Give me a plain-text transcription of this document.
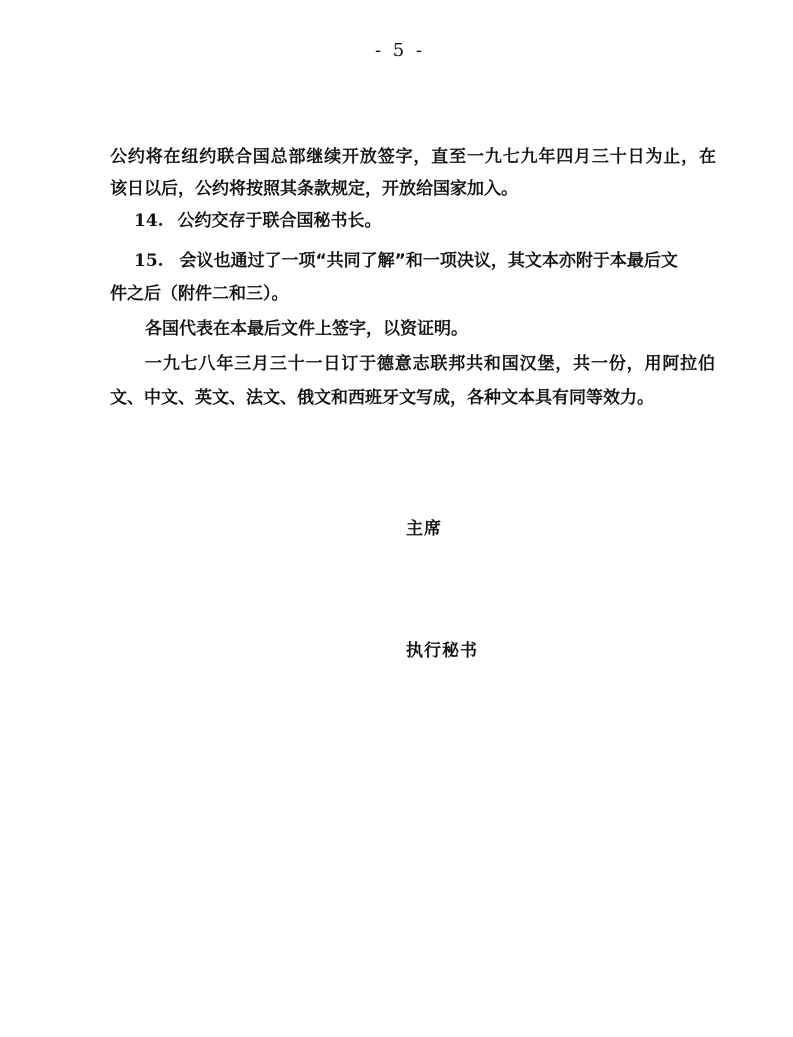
- 5 -
公约将在纽约联合国总部继续开放签字，直至一九七九年四月三十日为止，在
该日以后，公约将按照其条款规定，开放给国家加入。
14. 公约交存于联合国秘书长。
15. 会议也通过了一项“共同了解”和一项决议，其文本亦附于本最后文
件之后（附件二和三）。
各国代表在本最后文件上签字，以资证明。
一九七八年三月三十一日订于德意志联邦共和国汉堡，共一份，用阿拉伯
文、中文、英文、法文、俄文和西班牙文写成，各种文本具有同等效力。
主席
执行秘书
